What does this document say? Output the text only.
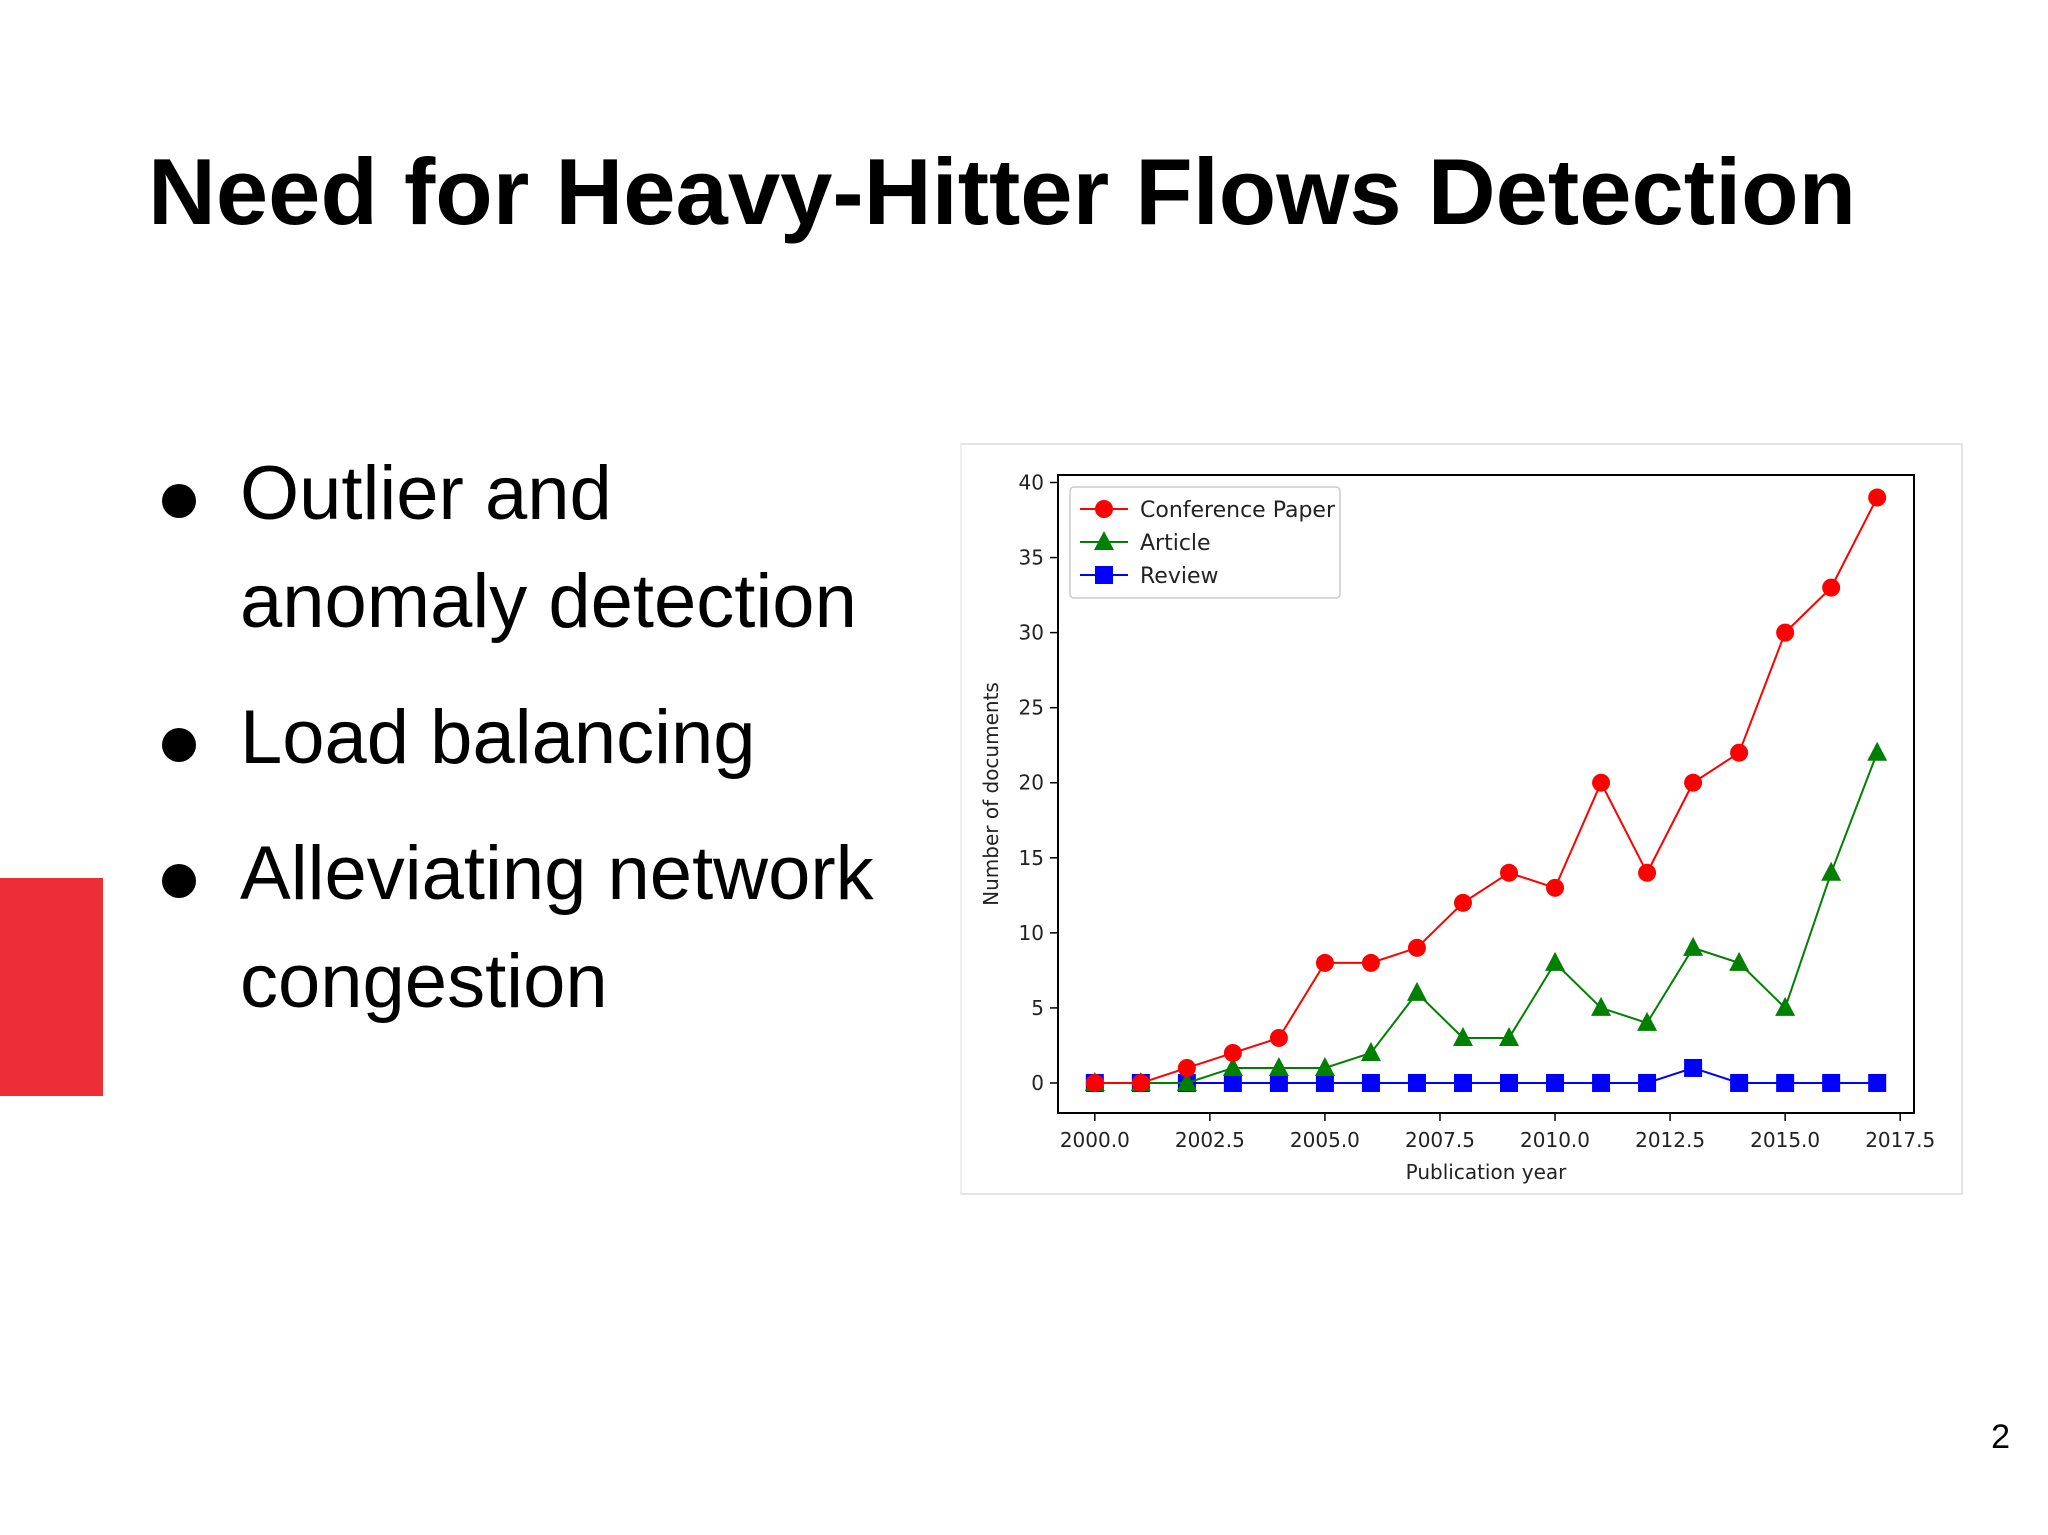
Need for Heavy-Hitter Flows Detection
Outlier and anomaly detection
Load balancing
Alleviating network congestion
2000.0 2002.5 2005.0 2007.5 2010.0 2012.5 2015.0 2017.5
0
5
10
15
20
25
30
35
40
Publication year
Number of documents
Conference Paper
Article
Review
2
